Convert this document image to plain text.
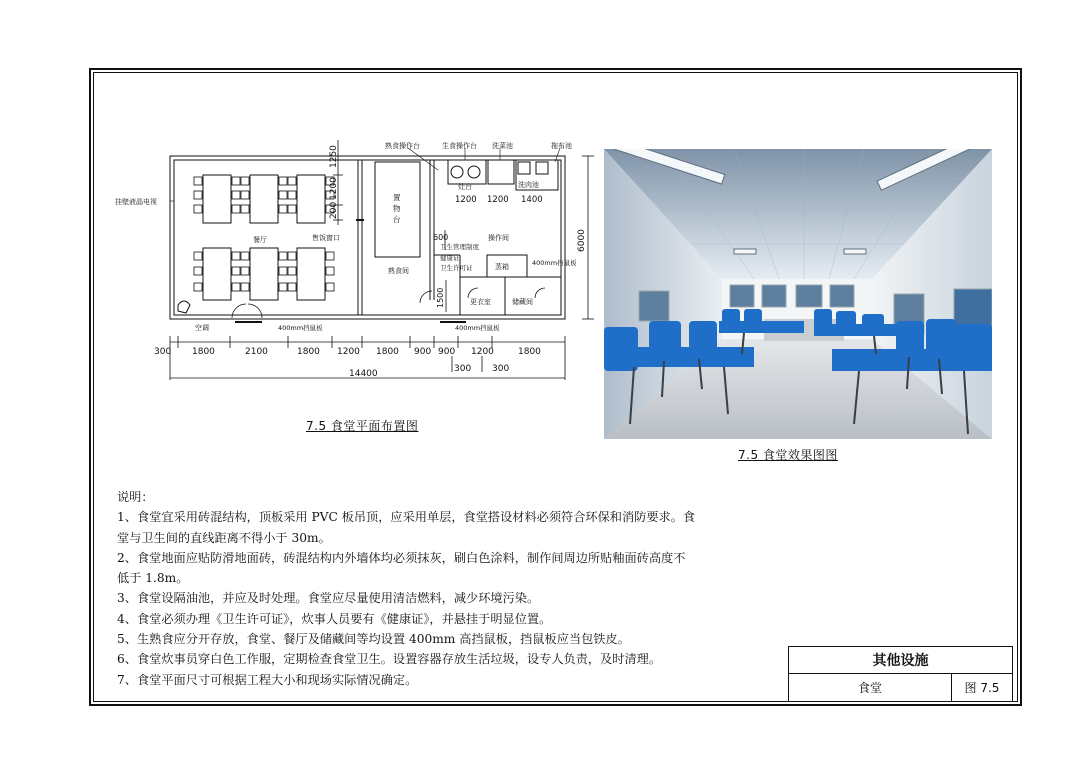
挂壁液晶电视
餐厅	售饭窗口
空调	400mm挡鼠板
熟食间
熟食操作台	生食操作台 洗菜池	拖布池
灶台	洗肉池
操作间
卫生管理制度
健康证
卫生许可证	蒸箱	400mm挡鼠板
更衣室	储藏间
400mm挡鼠板
置物台
1250
1200
200
1200 1200 1400
600
1500
6000
300 1800	2100	1800 1200 1800 900 900 1200	1800
300 300
14400
7.5 食堂平面布置图
7.5 食堂效果图图
说明：
1、食堂宜采用砖混结构，顶板采用 PVC 板吊顶，应采用单层，食堂搭设材料必须符合环保和消防要求。食
堂与卫生间的直线距离不得小于 30m。
2、食堂地面应贴防滑地面砖，砖混结构内外墙体均必须抹灰，刷白色涂料，制作间周边所贴釉面砖高度不
低于 1.8m。
3、食堂设隔油池，并应及时处理。食堂应尽量使用清洁燃料，减少环境污染。
4、食堂必须办理《卫生许可证》，炊事人员要有《健康证》，并悬挂于明显位置。
5、生熟食应分开存放，食堂、餐厅及储藏间等均设置 400mm 高挡鼠板，挡鼠板应当包铁皮。
6、食堂炊事员穿白色工作服，定期检查食堂卫生。设置容器存放生活垃圾，设专人负责，及时清理。
7、食堂平面尺寸可根据工程大小和现场实际情况确定。
其他设施
食堂	图 7.5
